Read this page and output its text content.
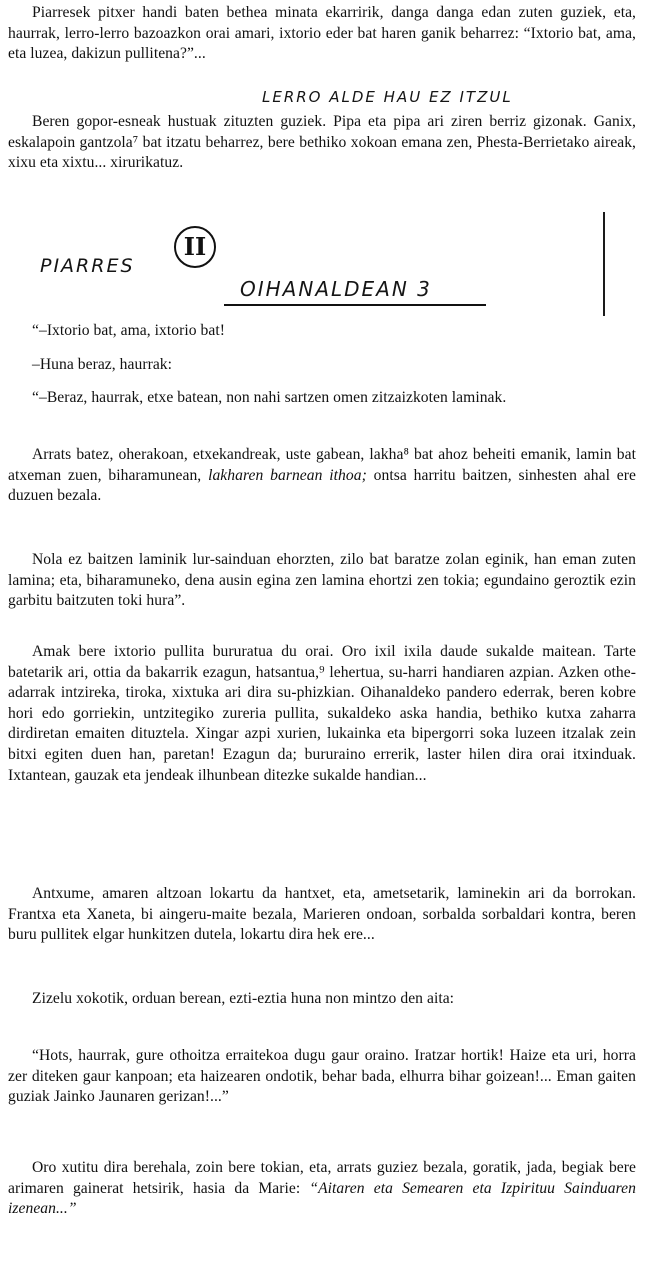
Piarresek pitxer handi baten bethea minata ekarririk, danga danga edan zuten guziek, eta, haurrak, lerro-lerro bazoazkon orai amari, ixtorio eder bat haren ganik beharrez: “Ixtorio bat, ama, eta luzea, dakizun pullitena?”...

LERRO ALDE HAU EZ ITZUL

Beren gopor-esneak hustuak zituzten guziek. Pipa eta pipa ari ziren berriz gizonak. Ganix, eskalapoin gantzola⁷ bat itzatu beharrez, bere bethiko xokoan emana zen, Phesta-Berrietako aireak, xixu eta xixtu... xirurikatuz.

PIARRES
II
OIHANALDEAN 3

“–Ixtorio bat, ama, ixtorio bat!

–Huna beraz, haurrak:

“–Beraz, haurrak, etxe batean, non nahi sartzen omen zitzaizkoten laminak.

Arrats batez, oherakoan, etxekandreak, uste gabean, lakha⁸ bat ahoz beheiti emanik, lamin bat atxeman zuen, biharamunean, lakharen barnean ithoa; ontsa harritu baitzen, sinhesten ahal ere duzuen bezala.

Nola ez baitzen laminik lur-sainduan ehorzten, zilo bat baratze zolan eginik, han eman zuten lamina; eta, biharamuneko, dena ausin egina zen lamina ehortzi zen tokia; egundaino geroztik ezin garbitu baitzuten toki hura”.

Amak bere ixtorio pullita bururatua du orai. Oro ixil ixila daude sukalde maitean. Tarte batetarik ari, ottia da bakarrik ezagun, hatsantua,⁹ lehertua, su-harri handiaren azpian. Azken othe-adarrak intzireka, tiroka, xixtuka ari dira su-phizkian. Oihanaldeko pandero ederrak, beren kobre hori edo gorriekin, untzitegiko zureria pullita, sukaldeko aska handia, bethiko kutxa zaharra dirdiretan emaiten dituztela. Xingar azpi xurien, lukainka eta bipergorri soka luzeen itzalak zein bitxi egiten duen han, paretan! Ezagun da; bururaino errerik, laster hilen dira orai itxinduak. Ixtantean, gauzak eta jendeak ilhunbean ditezke sukalde handian...

Antxume, amaren altzoan lokartu da hantxet, eta, ametsetarik, laminekin ari da borrokan. Frantxa eta Xaneta, bi aingeru-maite bezala, Marieren ondoan, sorbalda sorbaldari kontra, beren buru pullitek elgar hunkitzen dutela, lokartu dira hek ere...

Zizelu xokotik, orduan berean, ezti-eztia huna non mintzo den aita:

“Hots, haurrak, gure othoitza erraitekoa dugu gaur oraino. Iratzar hortik! Haize eta uri, horra zer diteken gaur kanpoan; eta haizearen ondotik, behar bada, elhurra bihar goizean!... Eman gaiten guziak Jainko Jaunaren gerizan!...”

Oro xutitu dira berehala, zoin bere tokian, eta, arrats guziez bezala, goratik, jada, begiak bere arimaren gainerat hetsirik, hasia da Marie: “Aitaren eta Semearen eta Izpirituu Sainduaren izenean...”
